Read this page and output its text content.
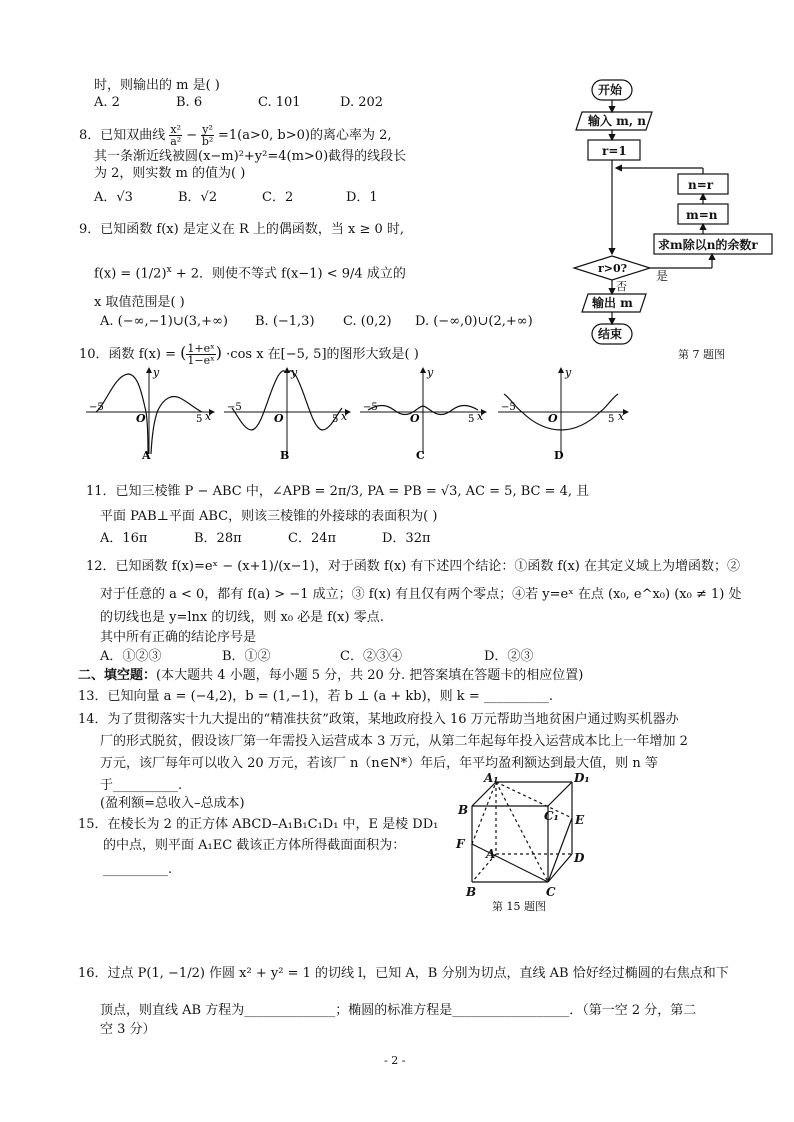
时，则输出的 m 是( )
A. 2	B. 6	C. 101	D. 202
8．已知双曲线 $\frac{\text{x²}}{\text{a²}} - \frac{\text{y²}}{\text{b²}} =1(a>0$, b>0)的离心率为 2,
其一条渐近线被圆(x−m)²+y²=4(m>0)截得的线段长
为 2，则实数 m 的值为( )
A．√3	B．√2	C．2	D．1
9．已知函数 f(x) 是定义在 R 上的偶函数，当 x ≥ 0 时,
$f(x) = (1/2)^x + 2$．则使不等式 f(x−1) < 9/4 成立的
x 取值范围是( )
A. (−∞,−1)∪(3,+∞) B. (−1,3) C. (0,2) D. (−∞,0)∪(2,+∞)
10．函数 f(x) = ( $\frac{\text{1+eˣ}}{\text{1−eˣ}}$ ) ·cos x 在[−5, 5]的图形大致是( )
−5
O	5 x
y
A
−5
O	5 x
y
B
−5
O	5 x
y
C
−5
O	5 x
y
D
开始
输入 m, n
r=1
n=r
m=n
求m除以n的余数r
r>0?
否
是
输出 m
结束
第 7 题图
11．已知三棱锥 P − ABC 中，∠APB = 2π/3, PA = PB = √3, AC = 5, BC = 4, 且
平面 PAB⊥平面 ABC，则该三棱锥的外接球的表面积为( )
A．16π	B．28π	C．24π	D．32π
12．已知函数 f(x)=eˣ − (x+1)/(x−1)，对于函数 f(x) 有下述四个结论：①函数 f(x) 在其定义域上为增函数；②
对于任意的 a < 0，都有 f(a) > −1 成立；③ f(x) 有且仅有两个零点；④若 y=eˣ 在点 (x₀, e^x₀) (x₀ ≠ 1) 处
的切线也是 y=lnx 的切线，则 x₀ 必是 f(x) 零点.
其中所有正确的结论序号是
A．①②③	B．①②	C．②③④	D．②③
二、填空题：(本大题共 4 小题，每小题 5 分，共 20 分. 把答案填在答题卡的相应位置)
13．已知向量 a = (−4,2)，b = (1,−1)，若 b ⊥ (a + kb)，则 k = __________.
14．为了贯彻落实十九大提出的“精准扶贫”政策，某地政府投入 16 万元帮助当地贫困户通过购买机器办
厂的形式脱贫，假设该厂第一年需投入运营成本 3 万元，从第二年起每年投入运营成本比上一年增加 2
万元，该厂每年可以收入 20 万元，若该厂 n（n∈N*）年后，年平均盈利额达到最大值，则 n 等
于__________.
(盈利额=总收入–总成本)
15．在棱长为 2 的正方体 ABCD–A₁B₁C₁D₁ 中，E 是棱 DD₁
的中点，则平面 A₁EC 截该正方体所得截面面积为：
__________.
A₁	D₁
B	C₁ E
F
A	D
B	C
第 15 题图
16．过点 P(1, −1/2) 作圆 x² + y² = 1 的切线 l，已知 A，B 分别为切点，直线 AB 恰好经过椭圆的右焦点和下
顶点，则直线 AB 方程为______________；椭圆的标准方程是__________________．（第一空 2 分，第二
空 3 分）
- 2 -
